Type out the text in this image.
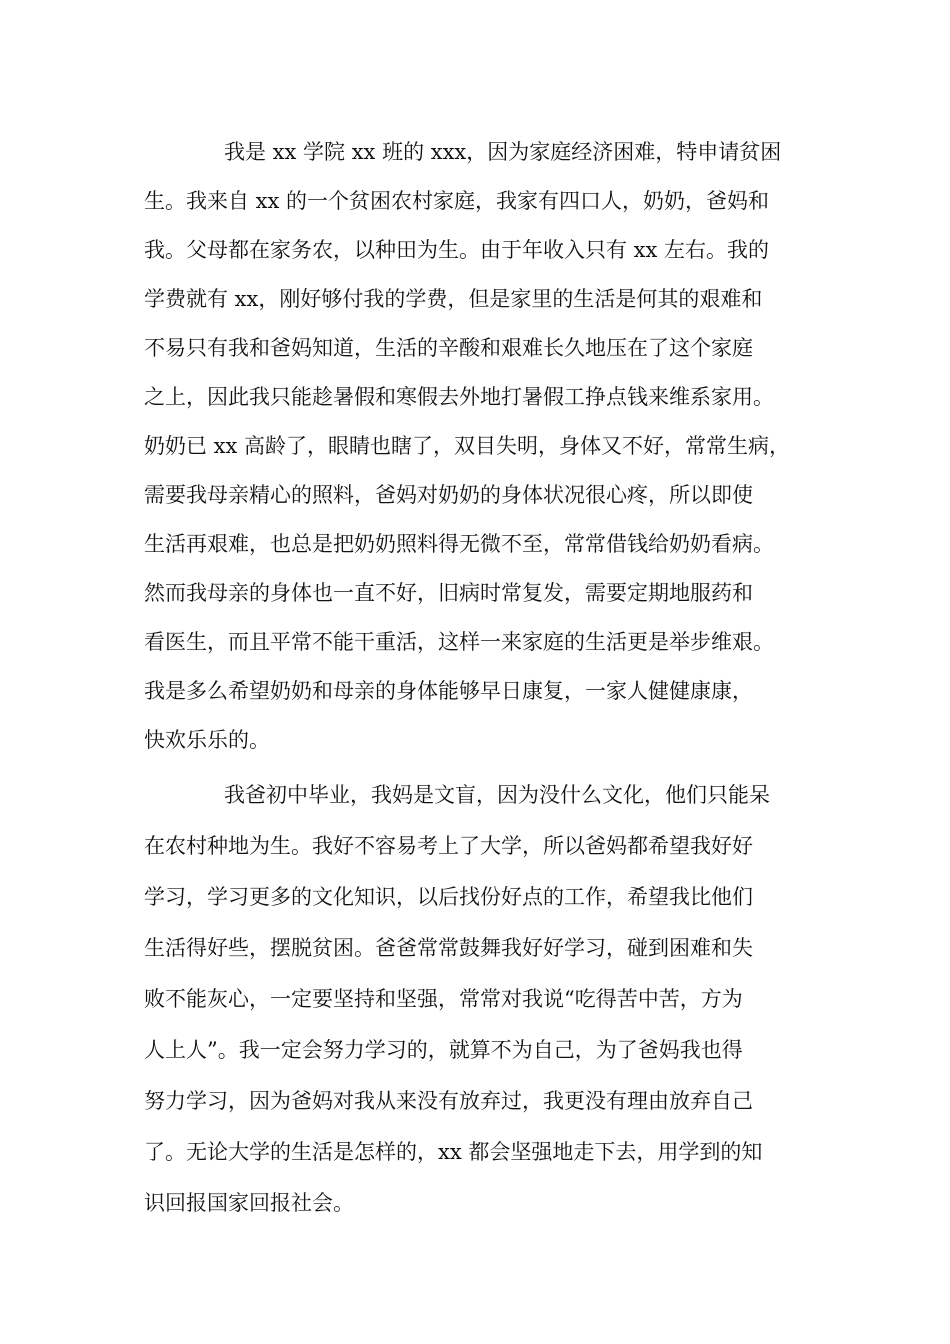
我是 xx 学院 xx 班的 xxx，因为家庭经济困难，特申请贫困
生。我来自 xx 的一个贫困农村家庭，我家有四口人，奶奶，爸妈和
我。父母都在家务农，以种田为生。由于年收入只有 xx 左右。我的
学费就有 xx，刚好够付我的学费，但是家里的生活是何其的艰难和
不易只有我和爸妈知道，生活的辛酸和艰难长久地压在了这个家庭
之上，因此我只能趁暑假和寒假去外地打暑假工挣点钱来维系家用。
奶奶已 xx 高龄了，眼睛也瞎了，双目失明，身体又不好，常常生病，
需要我母亲精心的照料，爸妈对奶奶的身体状况很心疼，所以即使
生活再艰难，也总是把奶奶照料得无微不至，常常借钱给奶奶看病。
然而我母亲的身体也一直不好，旧病时常复发，需要定期地服药和
看医生，而且平常不能干重活，这样一来家庭的生活更是举步维艰。
我是多么希望奶奶和母亲的身体能够早日康复，一家人健健康康，
快欢乐乐的。
我爸初中毕业，我妈是文盲，因为没什么文化，他们只能呆
在农村种地为生。我好不容易考上了大学，所以爸妈都希望我好好
学习，学习更多的文化知识，以后找份好点的工作，希望我比他们
生活得好些，摆脱贫困。爸爸常常鼓舞我好好学习，碰到困难和失
败不能灰心，一定要坚持和坚强，常常对我说“吃得苦中苦，方为
人上人”。我一定会努力学习的，就算不为自己，为了爸妈我也得
努力学习，因为爸妈对我从来没有放弃过，我更没有理由放弃自己
了。无论大学的生活是怎样的，xx 都会坚强地走下去，用学到的知
识回报国家回报社会。
